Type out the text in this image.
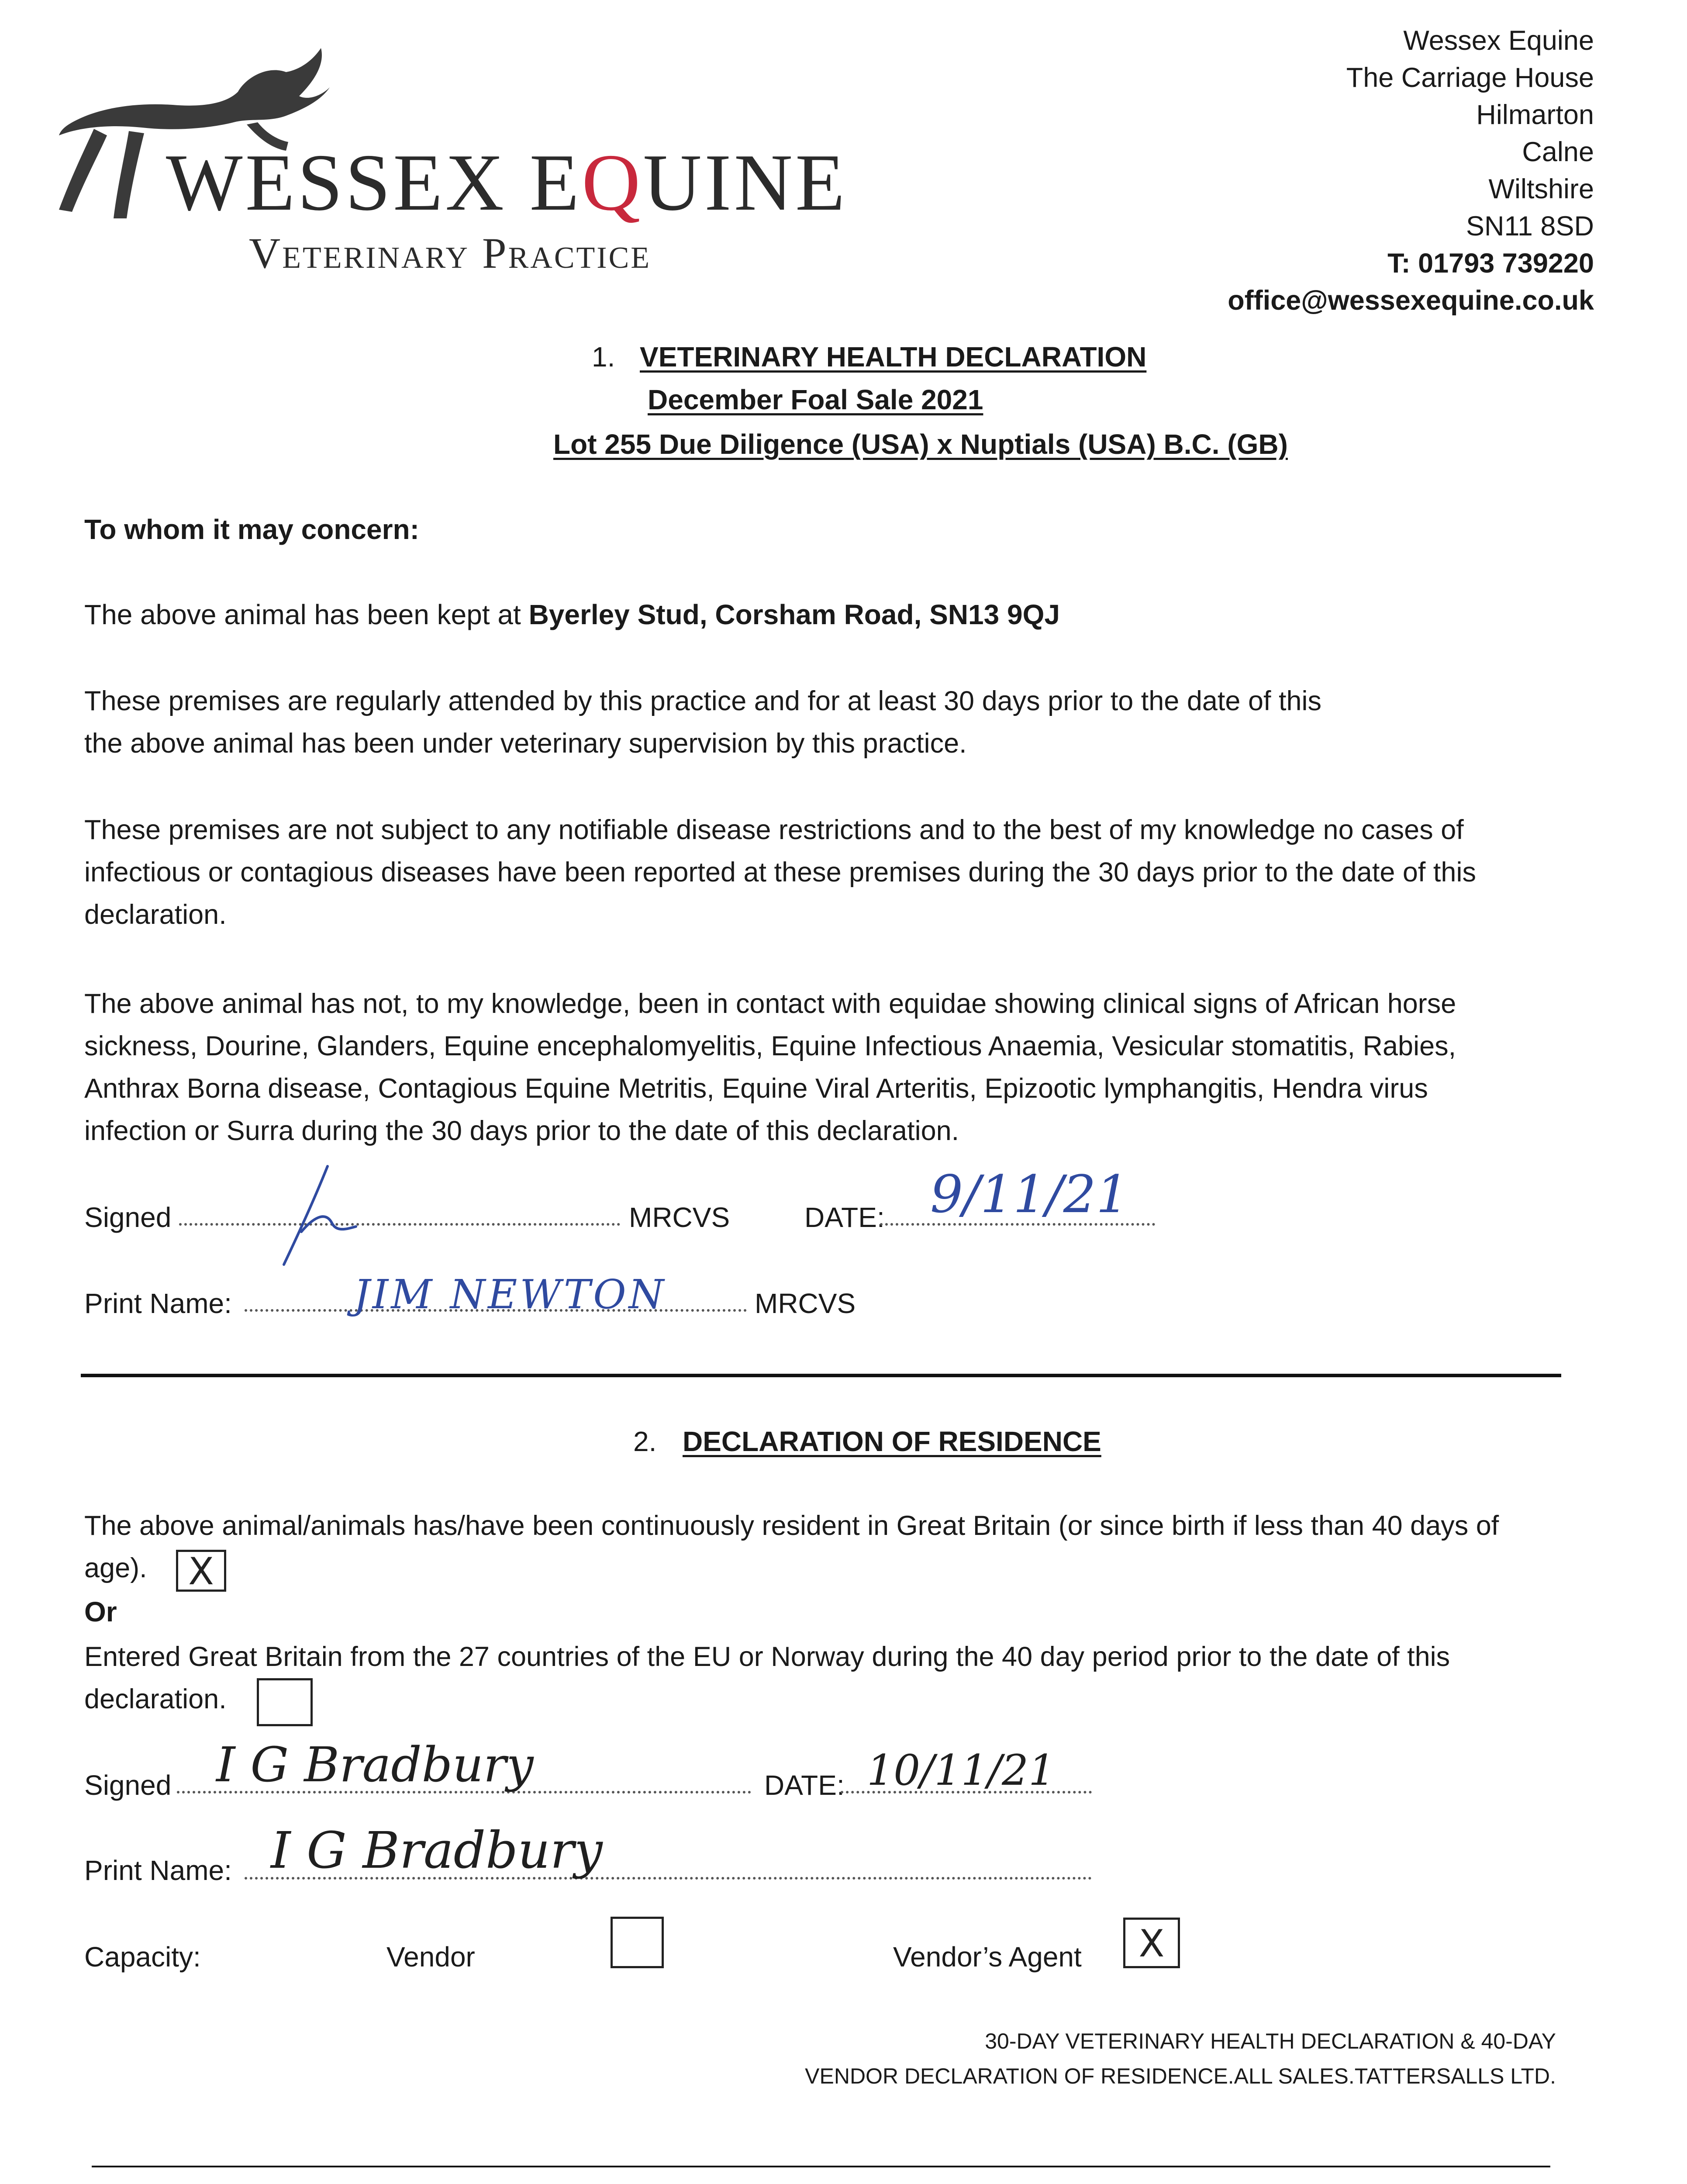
WESSEX EQUINE
Veterinary Practice
Wessex Equine
The Carriage House
Hilmarton
Calne
Wiltshire
SN11 8SD
T: 01793 739220
office@wessexequine.co.uk
1. VETERINARY HEALTH DECLARATION
December Foal Sale 2021
Lot 255 Due Diligence (USA) x Nuptials (USA) B.C. (GB)
To whom it may concern:
The above animal has been kept at Byerley Stud, Corsham Road, SN13 9QJ
These premises are regularly attended by this practice and for at least 30 days prior to the date of this
the above animal has been under veterinary supervision by this practice.
These premises are not subject to any notifiable disease restrictions and to the best of my knowledge no cases of
infectious or contagious diseases have been reported at these premises during the 30 days prior to the date of this
declaration.
The above animal has not, to my knowledge, been in contact with equidae showing clinical signs of African horse
sickness, Dourine, Glanders, Equine encephalomyelitis, Equine Infectious Anaemia, Vesicular stomatitis, Rabies,
Anthrax Borna disease, Contagious Equine Metritis, Equine Viral Arteritis, Epizootic lymphangitis, Hendra virus
infection or Surra during the 30 days prior to the date of this declaration.
Signed	MRCVS	DATE: 9/11/21
Print Name:	JIM NEWTON	MRCVS
2. DECLARATION OF RESIDENCE
The above animal/animals has/have been continuously resident in Great Britain (or since birth if less than 40 days of
age).	X
Or
Entered Great Britain from the 27 countries of the EU or Norway during the 40 day period prior to the date of this
declaration.
Signed I G Bradbury	DATE: 10/11/21
Print Name: I G Bradbury
Capacity:	Vendor	Vendor’s Agent	X
30-DAY VETERINARY HEALTH DECLARATION & 40-DAY
VENDOR DECLARATION OF RESIDENCE.ALL SALES.TATTERSALLS LTD.
